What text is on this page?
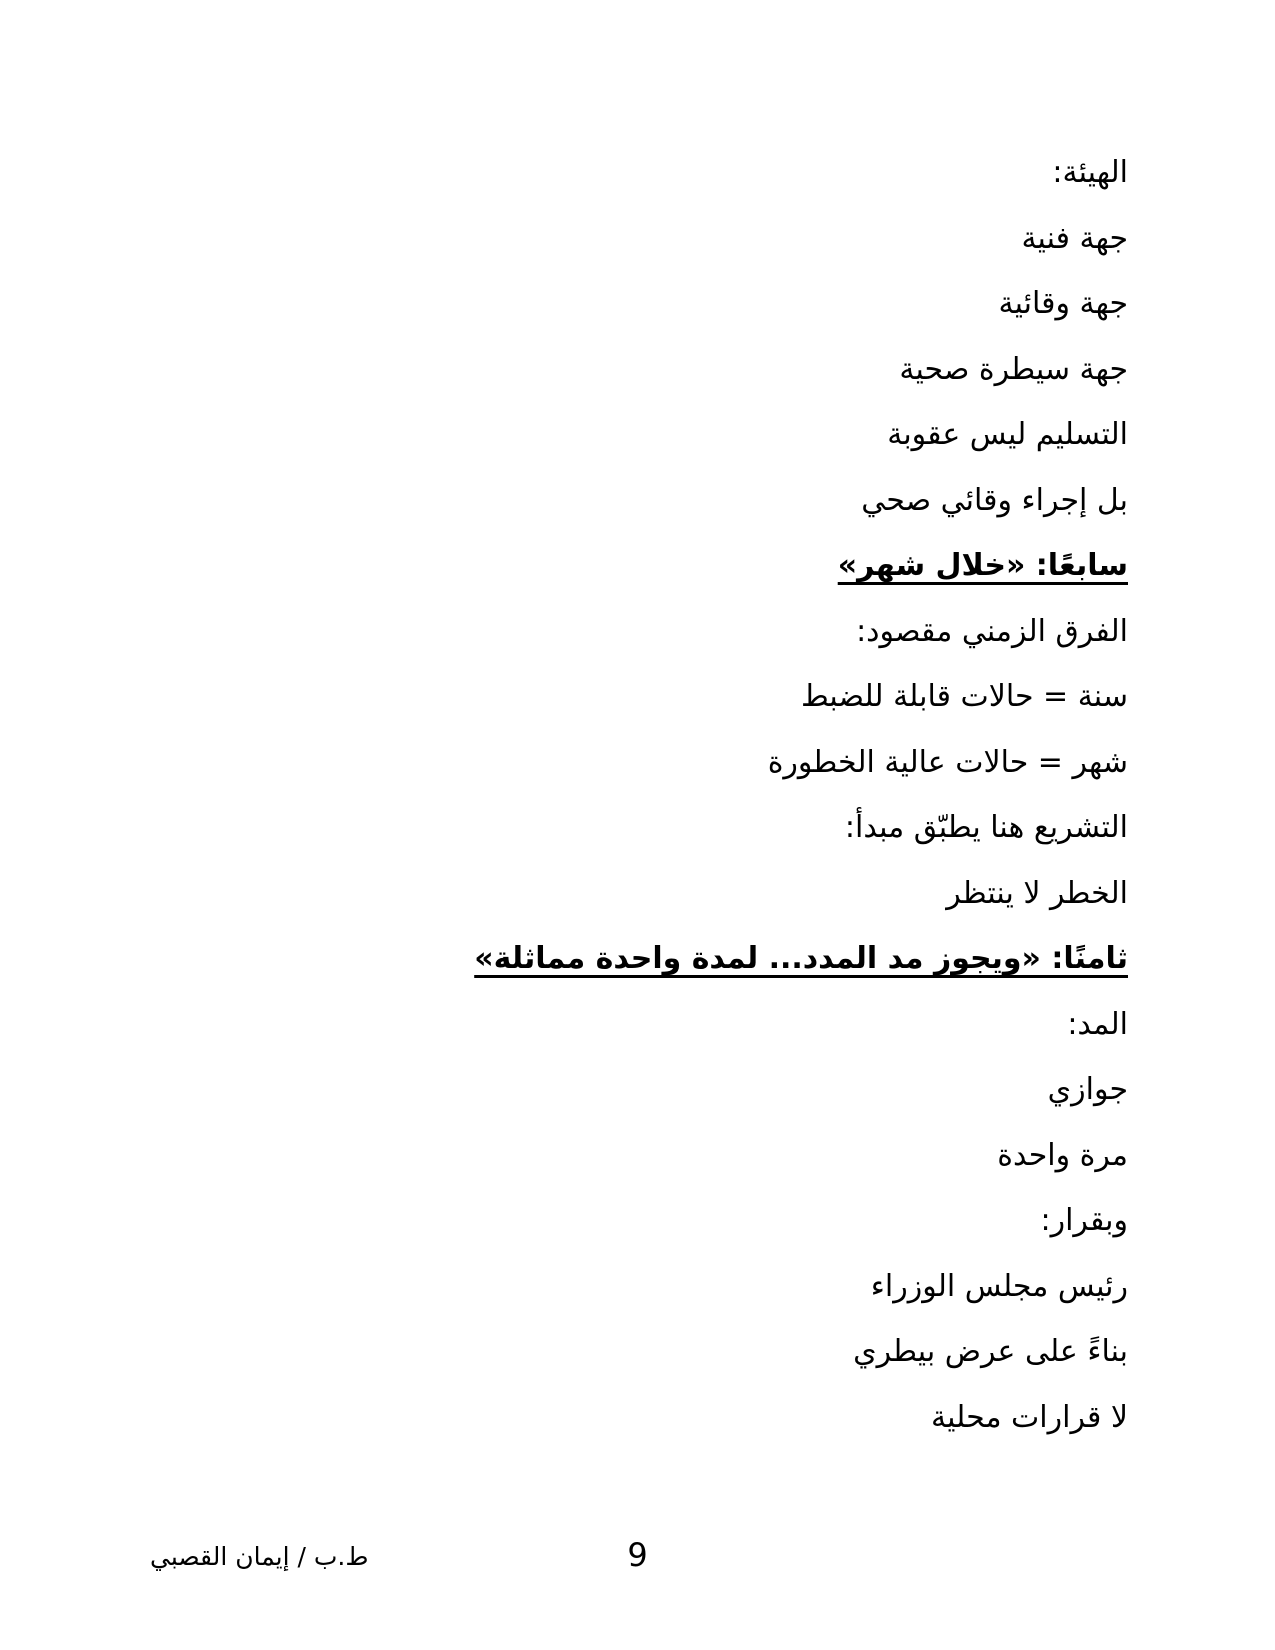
الهيئة:

جهة فنية

جهة وقائية

جهة سيطرة صحية

التسليم ليس عقوبة

بل إجراء وقائي صحي

سابعًا: «خلال شهر»

الفرق الزمني مقصود:

سنة = حالات قابلة للضبط

شهر = حالات عالية الخطورة

التشريع هنا يطبّق مبدأ:

الخطر لا ينتظر

ثامنًا: «ويجوز مد المدد... لمدة واحدة مماثلة»

المد:

جوازي

مرة واحدة

وبقرار:

رئيس مجلس الوزراء

بناءً على عرض بيطري

لا قرارات محلية

ط.ب / إيمان القصبي	9
